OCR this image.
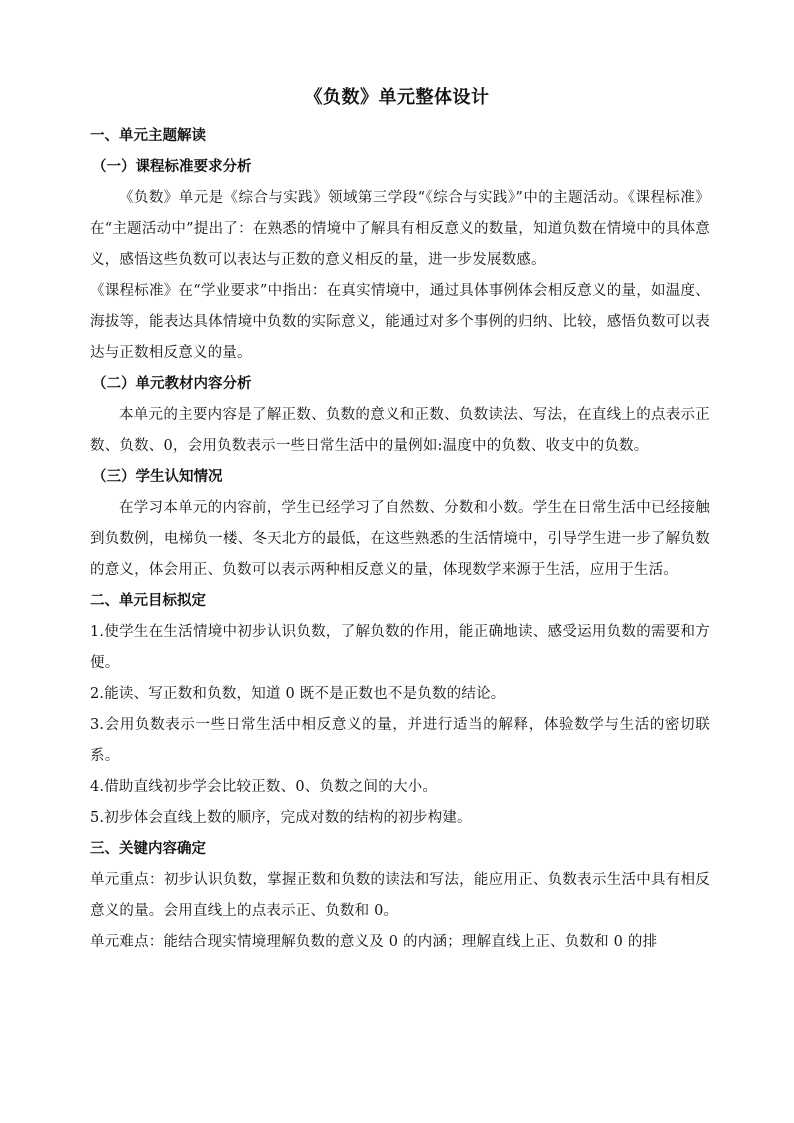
《负数》单元整体设计
一、单元主题解读
（一）课程标准要求分析

《负数》单元是《综合与实践》领域第三学段“《综合与实践》”中的主题活动。《课程标准》在“主题活动中”提出了：在熟悉的情境中了解具有相反意义的数量，知道负数在情境中的具体意义，感悟这些负数可以表达与正数的意义相反的量，进一步发展数感。

《课程标准》在“学业要求”中指出：在真实情境中，通过具体事例体会相反意义的量，如温度、海拔等，能表达具体情境中负数的实际意义，能通过对多个事例的归纳、比较，感悟负数可以表达与正数相反意义的量。

（二）单元教材内容分析

本单元的主要内容是了解正数、负数的意义和正数、负数读法、写法，在直线上的点表示正数、负数、0，会用负数表示一些日常生活中的量例如:温度中的负数、收支中的负数。

（三）学生认知情况

在学习本单元的内容前，学生已经学习了自然数、分数和小数。学生在日常生活中已经接触到负数例，电梯负一楼、冬天北方的最低，在这些熟悉的生活情境中，引导学生进一步了解负数的意义，体会用正、负数可以表示两种相反意义的量，体现数学来源于生活，应用于生活。

二、单元目标拟定

1.使学生在生活情境中初步认识负数，了解负数的作用，能正确地读、感受运用负数的需要和方便。

2.能读、写正数和负数，知道 0 既不是正数也不是负数的结论。

3.会用负数表示一些日常生活中相反意义的量，并进行适当的解释，体验数学与生活的密切联系。

4.借助直线初步学会比较正数、0、负数之间的大小。

5.初步体会直线上数的顺序，完成对数的结构的初步构建。

三、关键内容确定

单元重点：初步认识负数，掌握正数和负数的读法和写法，能应用正、负数表示生活中具有相反意义的量。会用直线上的点表示正、负数和 0。

单元难点：能结合现实情境理解负数的意义及 0 的内涵；理解直线上正、负数和 0 的排
